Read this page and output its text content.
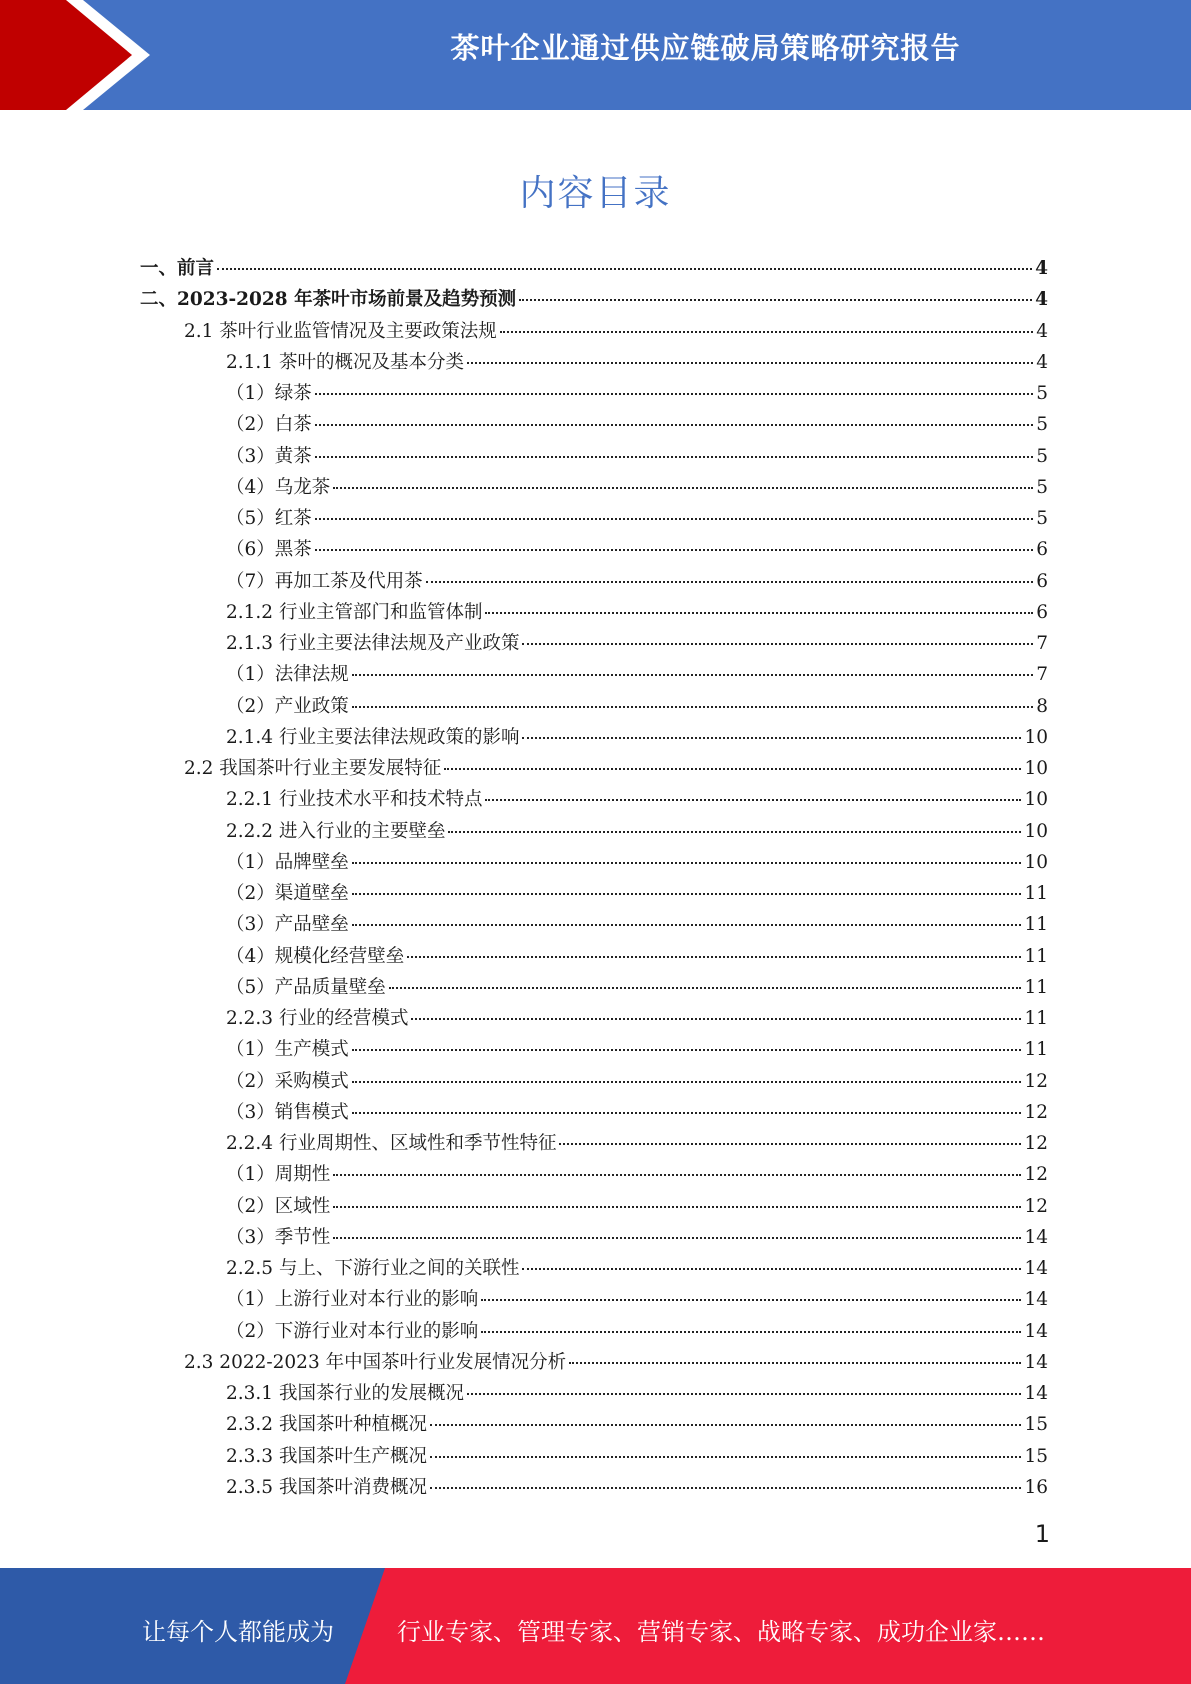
茶叶企业通过供应链破局策略研究报告
内容目录
一、前言	4
二、2023-2028 年茶叶市场前景及趋势预测	4
2.1 茶叶行业监管情况及主要政策法规	4
2.1.1 茶叶的概况及基本分类	4
（1）绿茶	5
（2）白茶	5
（3）黄茶	5
（4）乌龙茶	5
（5）红茶	5
（6）黑茶	6
（7）再加工茶及代用茶	6
2.1.2 行业主管部门和监管体制	6
2.1.3 行业主要法律法规及产业政策	7
（1）法律法规	7
（2）产业政策	8
2.1.4 行业主要法律法规政策的影响	10
2.2 我国茶叶行业主要发展特征	10
2.2.1 行业技术水平和技术特点	10
2.2.2 进入行业的主要壁垒	10
（1）品牌壁垒	10
（2）渠道壁垒	11
（3）产品壁垒	11
（4）规模化经营壁垒	11
（5）产品质量壁垒	11
2.2.3 行业的经营模式	11
（1）生产模式	11
（2）采购模式	12
（3）销售模式	12
2.2.4 行业周期性、区域性和季节性特征	12
（1）周期性	12
（2）区域性	12
（3）季节性	14
2.2.5 与上、下游行业之间的关联性	14
（1）上游行业对本行业的影响	14
（2）下游行业对本行业的影响	14
2.3 2022-2023 年中国茶叶行业发展情况分析	14
2.3.1 我国茶行业的发展概况	14
2.3.2 我国茶叶种植概况	15
2.3.3 我国茶叶生产概况	15
2.3.5 我国茶叶消费概况	16
1
让每个人都能成为	行业专家、管理专家、营销专家、战略专家、成功企业家……
